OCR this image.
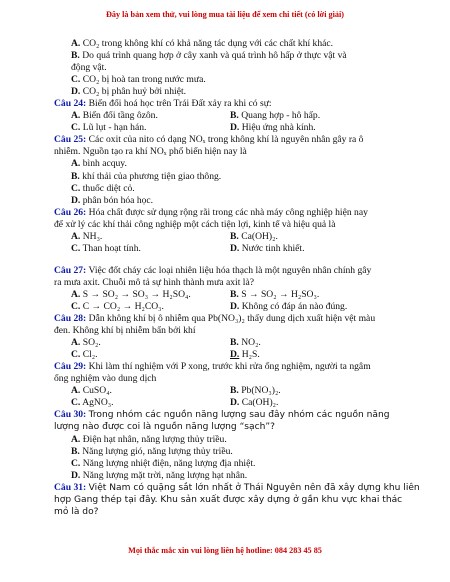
Đây là bản xem thử, vui lòng mua tài liệu để xem chi tiết (có lời giải)
A. CO₂ trong không khí có khả năng tác dụng với các chất khí khác.
B. Do quá trình quang hợp ở cây xanh và quá trình hô hấp ở thực vật và
động vật.
C. CO₂ bị hoà tan trong nước mưa.
D. CO₂ bị phân huỷ bởi nhiệt.
Câu 24: Biến đổi hoá học trên Trái Đất xảy ra khi có sự:
A. Biến đổi tầng ôzôn.	B. Quang hợp - hô hấp.
C. Lũ lụt - hạn hán.	D. Hiệu ứng nhà kính.
Câu 25: Các oxit của nito có dạng NOₓ trong không khí là nguyên nhân gây ra ô
nhiễm. Nguồn tạo ra khí NOₓ phổ biến hiện nay là
A. bình acquy.
B. khí thải của phương tiện giao thông.
C. thuốc diệt cỏ.
D. phân bón hóa học.
Câu 26: Hóa chất được sử dụng rộng rãi trong các nhà máy công nghiệp hiện nay
để xử lý các khí thải công nghiệp một cách tiện lợi, kinh tế và hiệu quả là
A. NH₃.	B. Ca(OH)₂.
C. Than hoạt tính.	D. Nước tinh khiết.
Câu 27: Việc đốt cháy các loại nhiên liệu hóa thạch là một nguyên nhân chính gây
ra mưa axit. Chuỗi mô tả sự hình thành mưa axit là?
A. S → SO₂ → SO₃ → H₂SO₄.	B. S → SO₂ → H₂SO₃.
C. C → CO₂ → H₂CO₃.	D. Không có đáp án nào đúng.
Câu 28: Dẫn không khí bị ô nhiễm qua Pb(NO₃)₂ thấy dung dịch xuất hiện vệt màu
đen. Không khí bị nhiễm bẩn bởi khí
A. SO₂.	B. NO₂.
C. Cl₂.	D. H₂S.
Câu 29: Khi làm thí nghiệm với P xong, trước khi rửa ống nghiệm, người ta ngâm
ống nghiệm vào dung dịch
A. CuSO₄.	B. Pb(NO₃)₂.
C. AgNO₃.	D. Ca(OH)₂.
Câu 30: Trong nhóm các nguồn năng lượng sau đây nhóm các nguồn năng
lượng nào được coi là nguồn năng lượng “sạch”?
A. Điện hạt nhân, năng lượng thủy triều.
B. Năng lượng gió, năng lượng thủy triều.
C. Năng lượng nhiệt điện, năng lượng địa nhiệt.
D. Năng lượng mặt trời, năng lượng hạt nhân.
Câu 31: Việt Nam có quặng sắt lớn nhất ở Thái Nguyên nên đã xây dựng khu liên
hợp Gang thép tại đây. Khu sản xuất được xây dựng ở gần khu vực khai thác
mỏ là do?
Mọi thắc mắc xin vui lòng liên hệ hotline: 084 283 45 85
